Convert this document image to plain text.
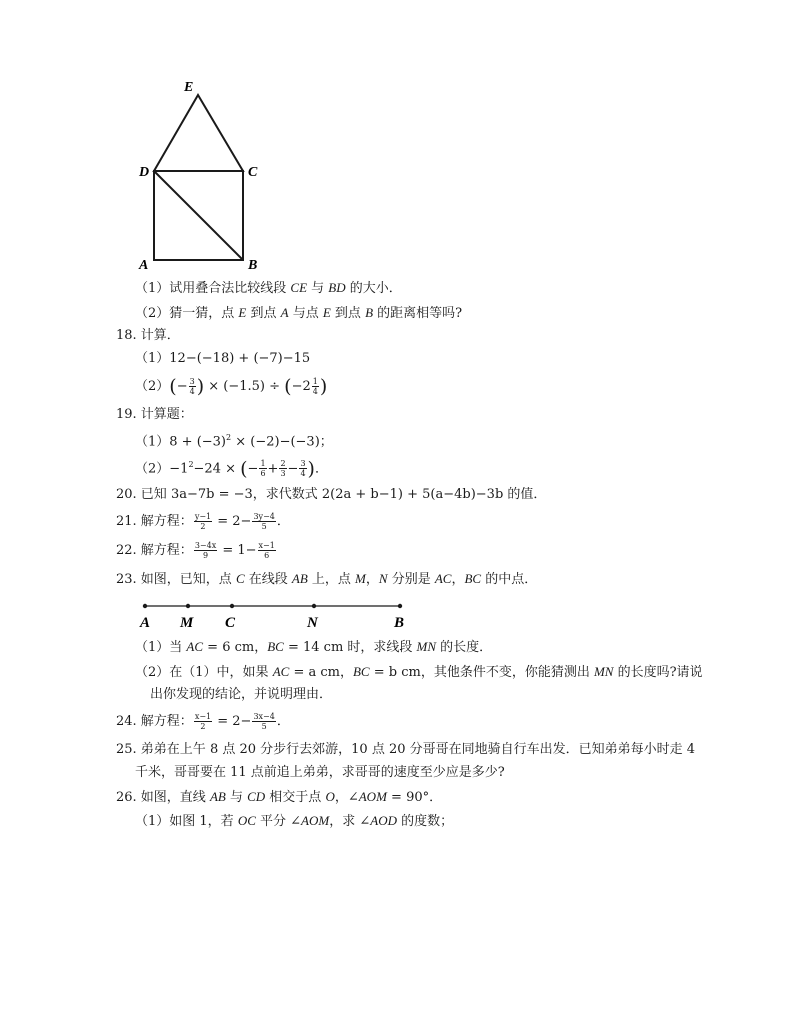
E
D	C
A	B
（1）试用叠合法比较线段 CE 与 BD 的大小．
（2）猜一猜，点 E 到点 A 与点 E 到点 B 的距离相等吗?
18. 计算．
（1）12−(−18) + (−7)−15
$(2)(- \frac{3}{4}$ ) × $(-1.5) \div (-2 \frac{1}{4}$ )
19. 计算题：
$(1)8 + (-3)^2 \times (-2)-(-3)$；
$(2)-1^2-24$ × (− $\frac{1}{6} + \frac{2}{3} - \frac{3}{4}$ )．
20. 已知 3a−7b = −3，求代数式 2(2a + b−1) + 5(a−4b)−3b 的值．
21. 解方程： $\frac{y-1}{2} = 2- \frac{3y-4}{5}$ ．
22. 解方程： $\frac{3-4x}{9} = 1- \frac{x-1}{6}$
23. 如图，已知，点 C 在线段 AB 上，点 M，N 分别是 AC，BC 的中点．
A M C	N	B
（1）当 AC = 6 cm，BC = 14 cm 时，求线段 MN 的长度．
（2）在（1）中，如果 AC = a cm，BC = b cm，其他条件不变，你能猜测出 MN 的长度吗?请说
出你发现的结论，并说明理由．
24. 解方程： $\frac{x-1}{2} = 2- \frac{3x-4}{5}$ ．
25. 弟弟在上午 8 点 20 分步行去郊游，10 点 20 分哥哥在同地骑自行车出发．已知弟弟每小时走 4
千米，哥哥要在 11 点前追上弟弟，求哥哥的速度至少应是多少?
26. 如图，直线 AB 与 CD 相交于点 O，∠AOM = 90°．
（1）如图 1，若 OC 平分 ∠AOM，求 ∠AOD 的度数；
